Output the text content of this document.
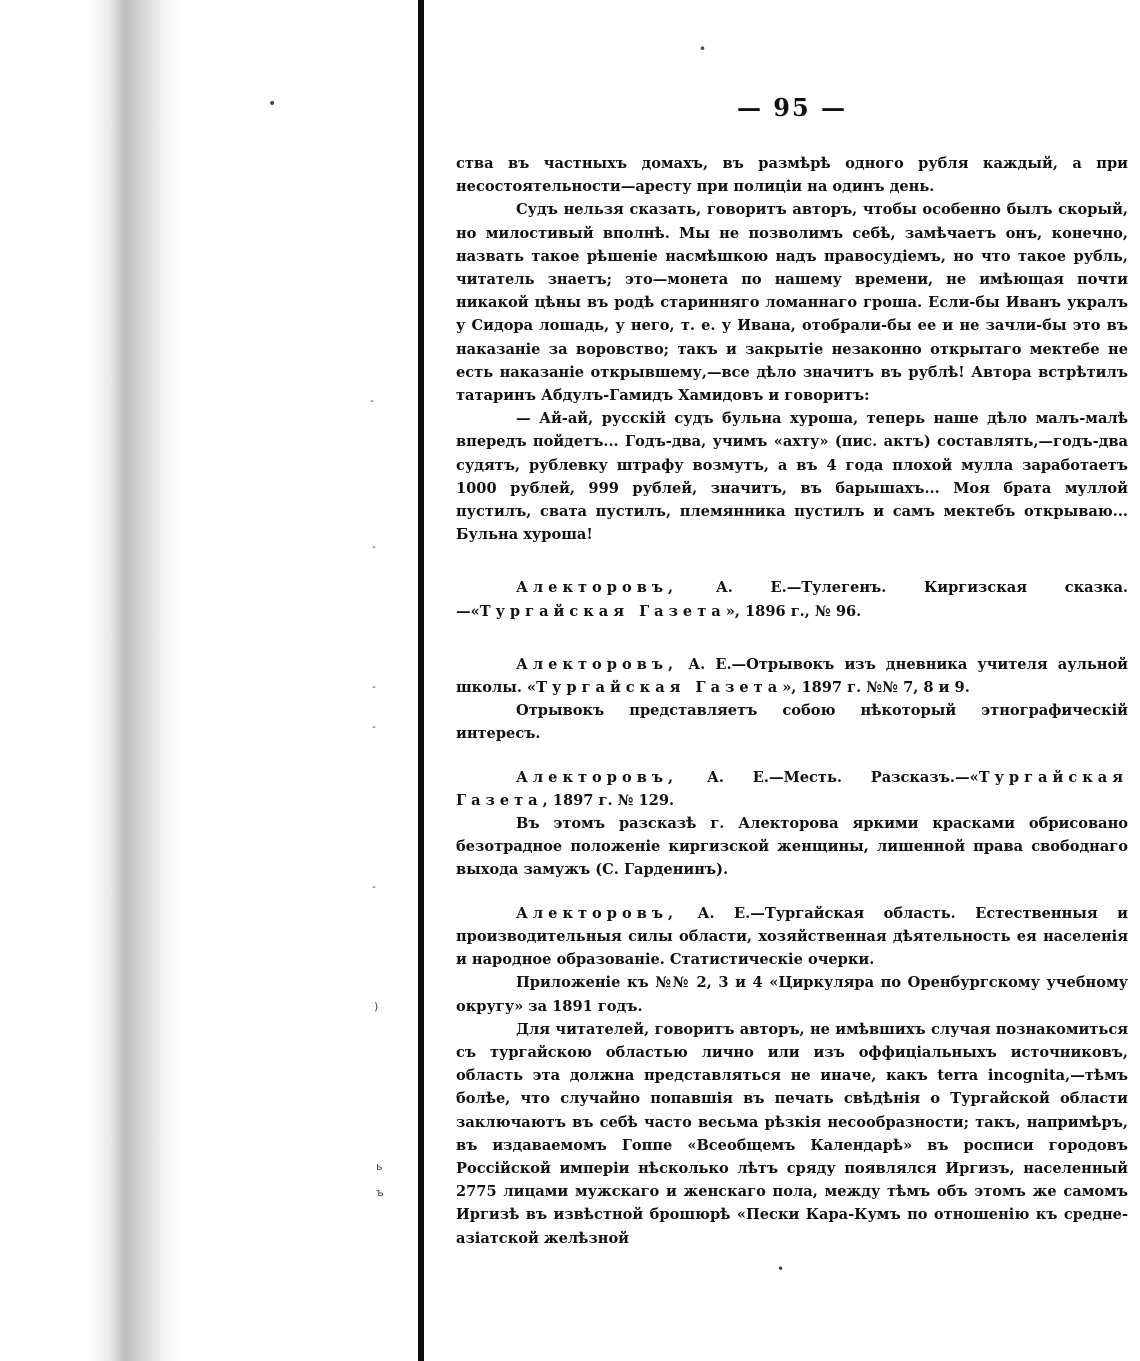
•
-
-
-
-
-
)
ь
ъ
•
•
— 95 —

ства въ частныхъ домахъ, въ размѣрѣ одного рубля каждый, а при несостоятельности—аресту при полиціи на одинъ день.

Судъ нельзя сказать, говоритъ авторъ, чтобы особенно былъ скорый, но милостивый вполнѣ. Мы не позволимъ себѣ, замѣчаетъ онъ, конечно, назвать такое рѣшеніе насмѣшкою надъ правосудіемъ, но что такое рубль, читатель знаетъ; это—монета по нашему времени, не имѣющая почти никакой цѣны въ родѣ старинняго ломаннаго гроша. Если-бы Иванъ укралъ у Сидора лошадь, у него, т. е. у Ивана, отобрали-бы ее и не зачли-бы это въ наказаніе за воровство; такъ и закрытіе незаконно открытаго мектебе не есть наказаніе открывшему,—все дѣло значитъ въ рублѣ! Автора встрѣтилъ татаринъ Абдулъ-Гамидъ Хамидовъ и говоритъ:

— Ай-ай, русскій судъ бульна хуроша, теперь наше дѣло малъ-малѣ впередъ пойдетъ... Годъ-два, учимъ «ахту» (пис. актъ) составлять,—годъ-два судятъ, рублевку штрафу возмутъ, а въ 4 года плохой мулла заработаетъ 1000 рублей, 999 рублей, значитъ, въ барышахъ... Моя брата муллой пустилъ, свата пустилъ, племянника пустилъ и самъ мектебъ открываю... Бульна хуроша!

Алекторовъ, А. Е.—Тулегенъ. Киргизская сказка.—«Тургайская Газета», 1896 г., № 96.

Алекторовъ, А. Е.—Отрывокъ изъ дневника учителя аульной школы. «Тургайская Газета», 1897 г. №№ 7, 8 и 9.

Отрывокъ представляетъ собою нѣкоторый этнографическій интересъ.

Алекторовъ, А. Е.—Месть. Разсказъ.—«Тургайская Газета, 1897 г. № 129.

Въ этомъ разсказѣ г. Алекторова яркими красками обрисовано безотрадное положеніе киргизской женщины, лишенной права свободнаго выхода замужъ (С. Гарденинъ).

Алекторовъ, А. Е.—Тургайская область. Естественныя и производительныя силы области, хозяйственная дѣятельность ея населенія и народное образованіе. Статистическіе очерки.

Приложеніе къ №№ 2, 3 и 4 «Циркуляра по Оренбургскому учебному округу» за 1891 годъ.

Для читателей, говоритъ авторъ, не имѣвшихъ случая познакомиться съ тургайскою областью лично или изъ оффиціальныхъ источниковъ, область эта должна представляться не иначе, какъ terra incognita,—тѣмъ болѣе, что случайно попавшія въ печать свѣдѣнія о Тургайской области заключаютъ въ себѣ часто весьма рѣзкія несообразности; такъ, напримѣръ, въ издаваемомъ Гоппе «Всеобщемъ Календарѣ» въ росписи городовъ Россійской имперіи нѣсколько лѣтъ сряду появлялся Иргизъ, населенный 2775 лицами мужскаго и женскаго пола, между тѣмъ объ этомъ же самомъ Иргизѣ въ извѣстной брошюрѣ «Пески Кара-Кумъ по отношенію къ средне-азіатской желѣзной
